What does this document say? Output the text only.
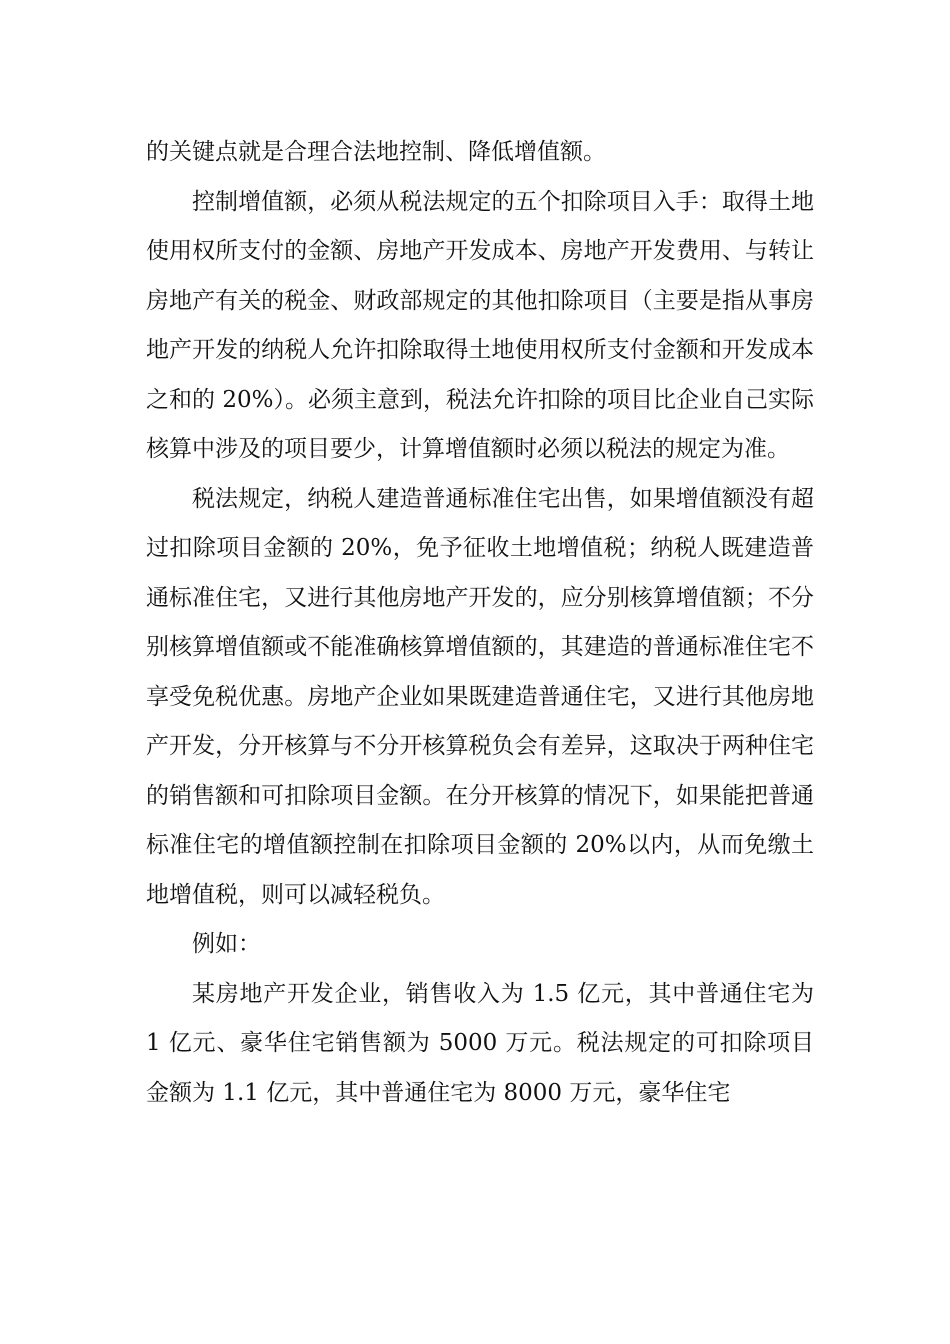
的关键点就是合理合法地控制、降低增值额。

控制增值额，必须从税法规定的五个扣除项目入手：取得土地使用权所支付的金额、房地产开发成本、房地产开发费用、与转让房地产有关的税金、财政部规定的其他扣除项目（主要是指从事房地产开发的纳税人允许扣除取得土地使用权所支付金额和开发成本之和的 20%）。必须主意到，税法允许扣除的项目比企业自己实际核算中涉及的项目要少，计算增值额时必须以税法的规定为准。

税法规定，纳税人建造普通标准住宅出售，如果增值额没有超过扣除项目金额的 20%，免予征收土地增值税；纳税人既建造普通标准住宅，又进行其他房地产开发的，应分别核算增值额；不分别核算增值额或不能准确核算增值额的，其建造的普通标准住宅不享受免税优惠。房地产企业如果既建造普通住宅，又进行其他房地产开发，分开核算与不分开核算税负会有差异，这取决于两种住宅的销售额和可扣除项目金额。在分开核算的情况下，如果能把普通标准住宅的增值额控制在扣除项目金额的 20%以内，从而免缴土地增值税，则可以减轻税负。

例如：

某房地产开发企业，销售收入为 1.5 亿元，其中普通住宅为 1 亿元、豪华住宅销售额为 5000 万元。税法规定的可扣除项目金额为 1.1 亿元，其中普通住宅为 8000 万元，豪华住宅
